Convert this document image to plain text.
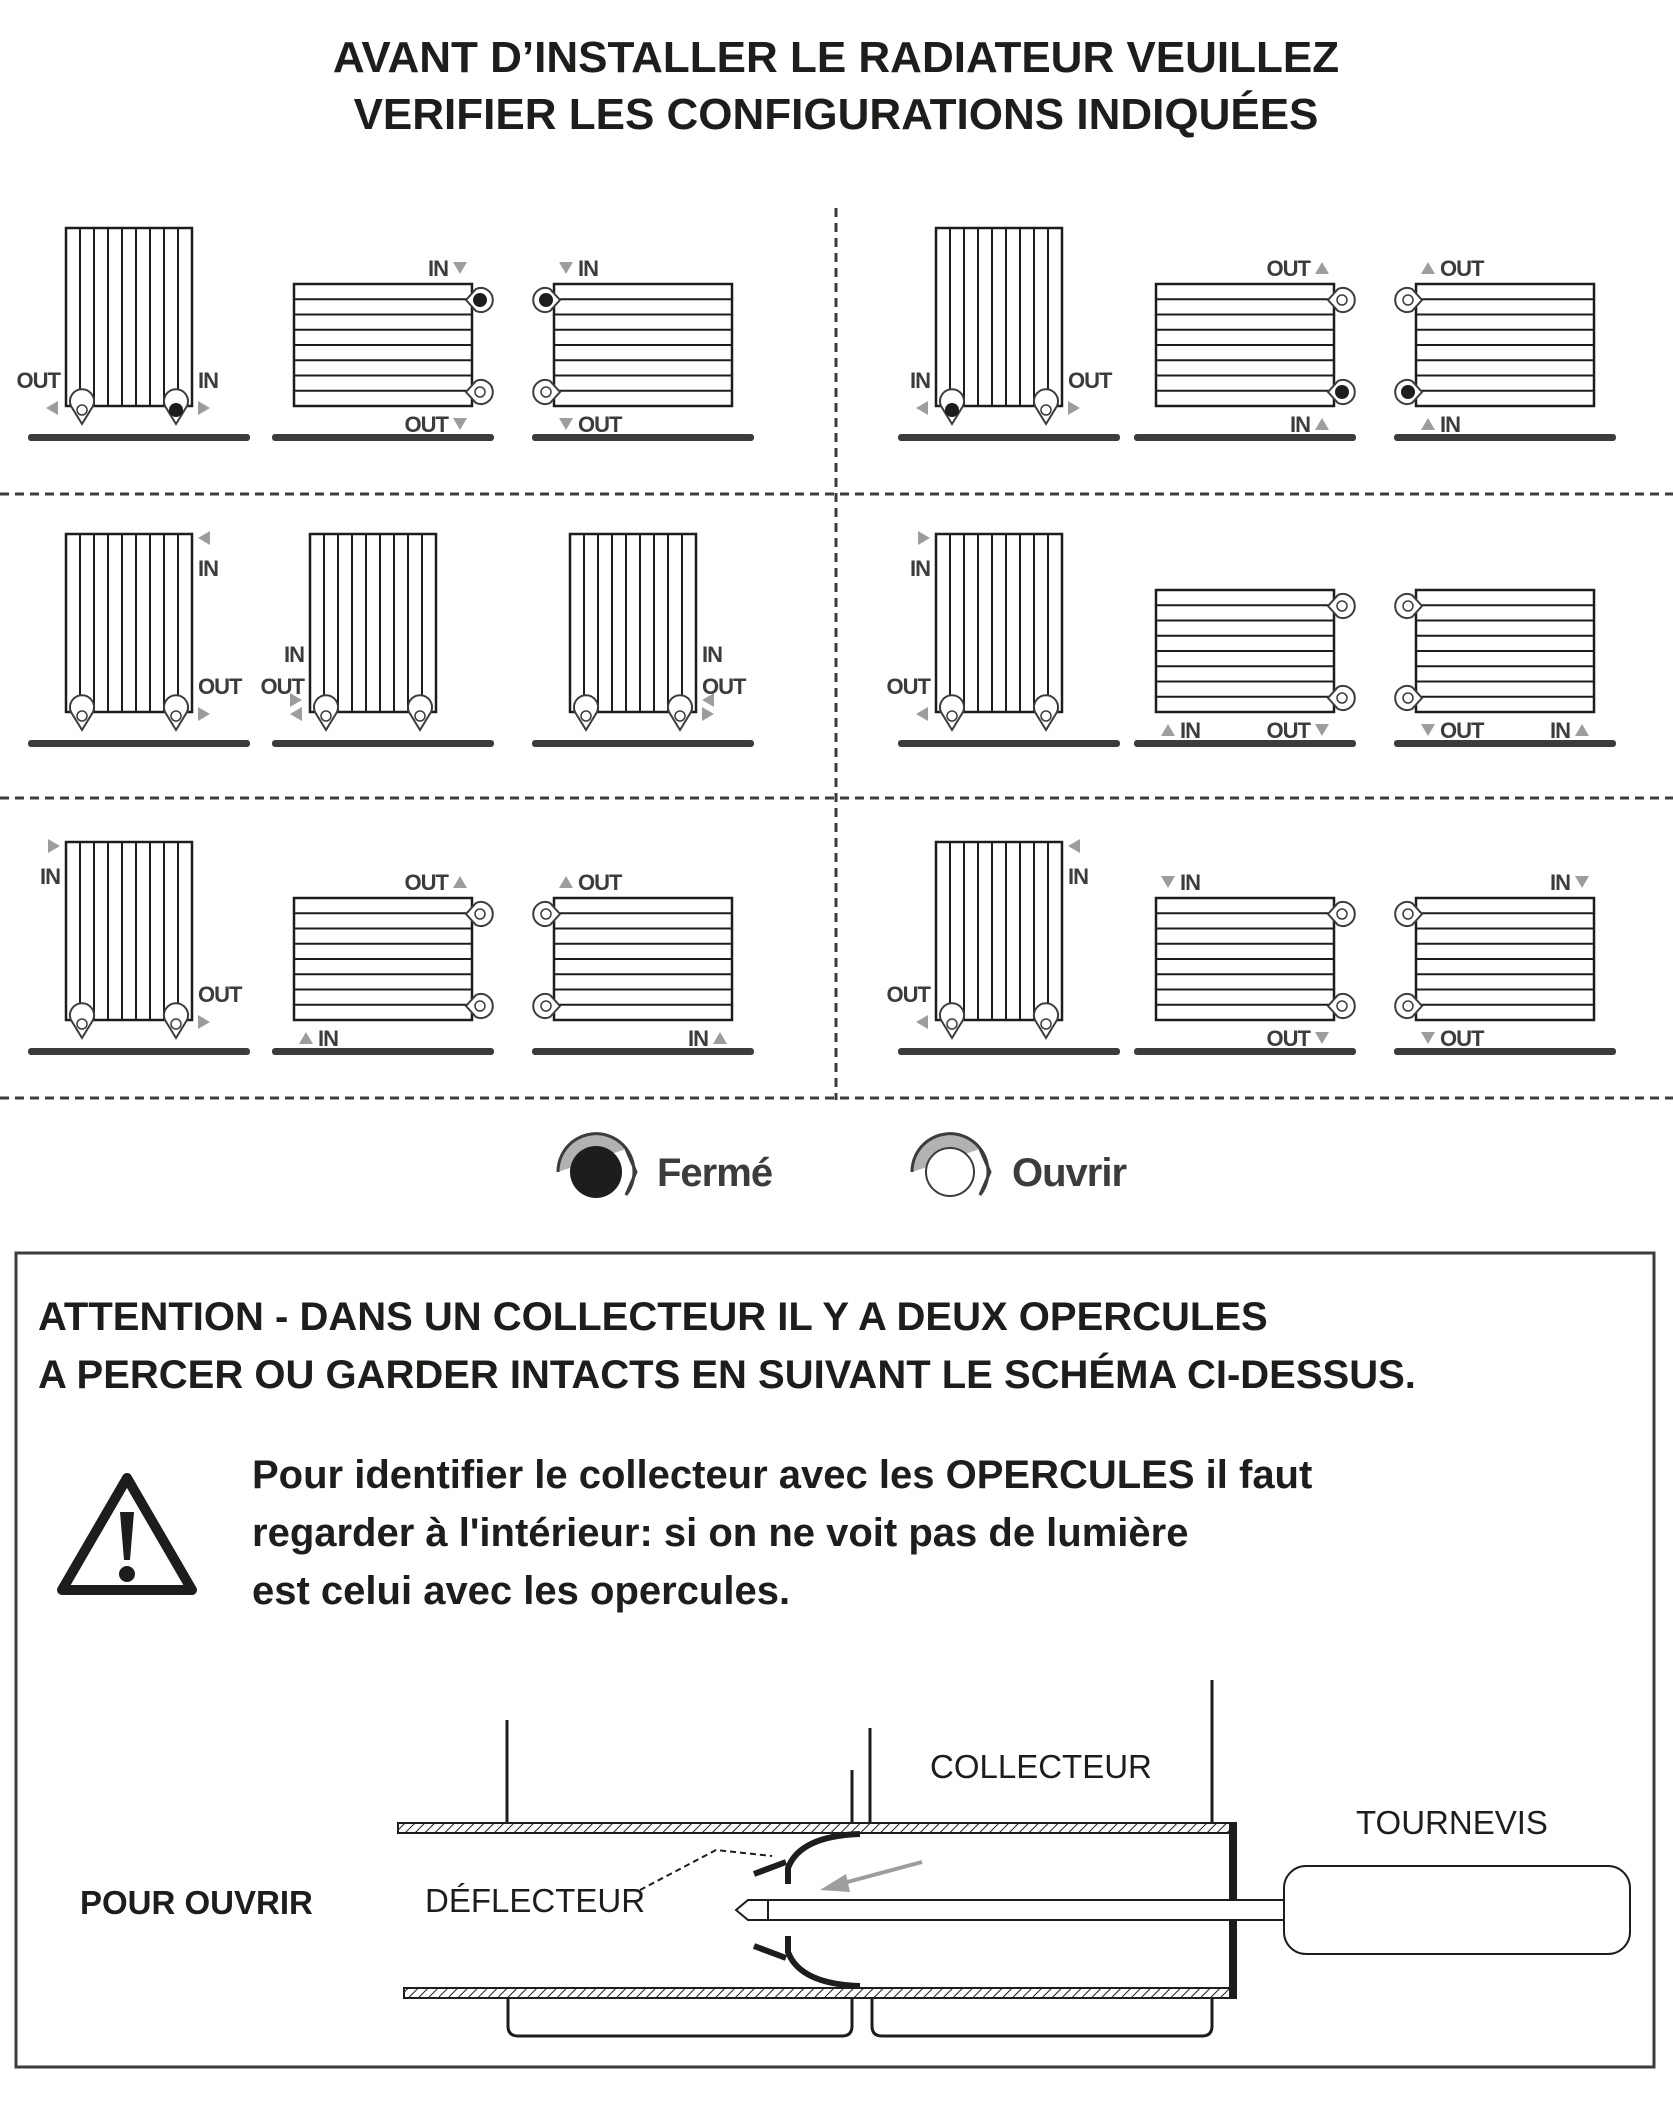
AVANT D’INSTALLER LE RADIATEUR VEUILLEZ
VERIFIER LES CONFIGURATIONS INDIQUÉES
OUT	IN
IN
OUT
IN
OUT
IN	OUT
OUT
IN
OUT
IN
IN
OUT
IN
OUT
IN
OUT
IN
OUT
IN	OUT	OUT	IN
IN
OUT
OUT
IN
OUT
IN
IN
OUT
IN
OUT
IN
OUT
Fermé	Ouvrir
ATTENTION - DANS UN COLLECTEUR IL Y A DEUX OPERCULES
A PERCER OU GARDER INTACTS EN SUIVANT LE SCHÉMA CI-DESSUS.
Pour identifier le collecteur avec les OPERCULES il faut
regarder à l'intérieur: si on ne voit pas de lumière
est celui avec les opercules.
COLLECTEUR
TOURNEVIS
DÉFLECTEUR
POUR OUVRIR
